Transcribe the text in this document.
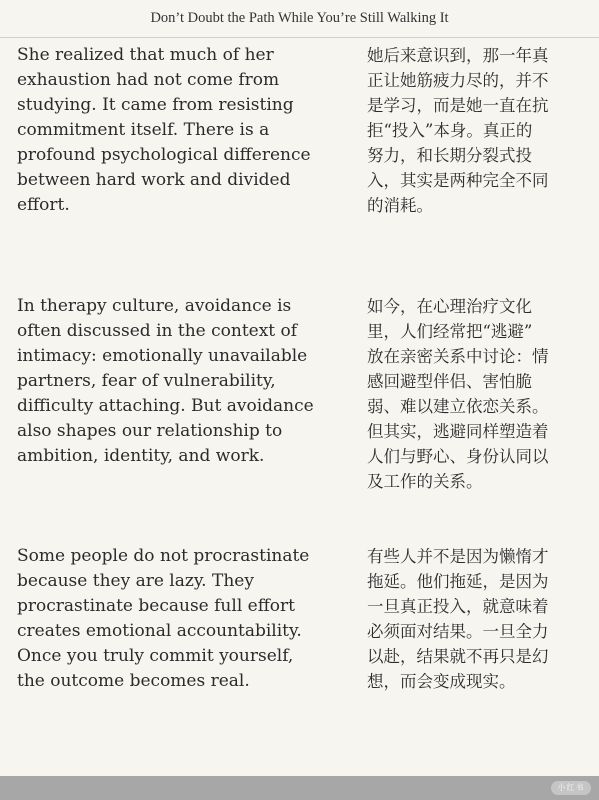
Don’t Doubt the Path While You’re Still Walking It
She realized that much of her
exhaustion had not come from
studying. It came from resisting
commitment itself. There is a
profound psychological difference
between hard work and divided
effort.
她后来意识到，那一年真
正让她筋疲力尽的，并不
是学习，而是她一直在抗
拒“投入”本身。真正的
努力，和长期分裂式投
入，其实是两种完全不同
的消耗。
In therapy culture, avoidance is
often discussed in the context of
intimacy: emotionally unavailable
partners, fear of vulnerability,
difficulty attaching. But avoidance
also shapes our relationship to
ambition, identity, and work.
如今，在心理治疗文化
里，人们经常把“逃避”
放在亲密关系中讨论：情
感回避型伴侣、害怕脆
弱、难以建立依恋关系。
但其实，逃避同样塑造着
人们与野心、身份认同以
及工作的关系。
Some people do not procrastinate
because they are lazy. They
procrastinate because full effort
creates emotional accountability.
Once you truly commit yourself,
the outcome becomes real.
有些人并不是因为懒惰才
拖延。他们拖延，是因为
一旦真正投入，就意味着
必须面对结果。一旦全力
以赴，结果就不再只是幻
想，而会变成现实。
小红书
